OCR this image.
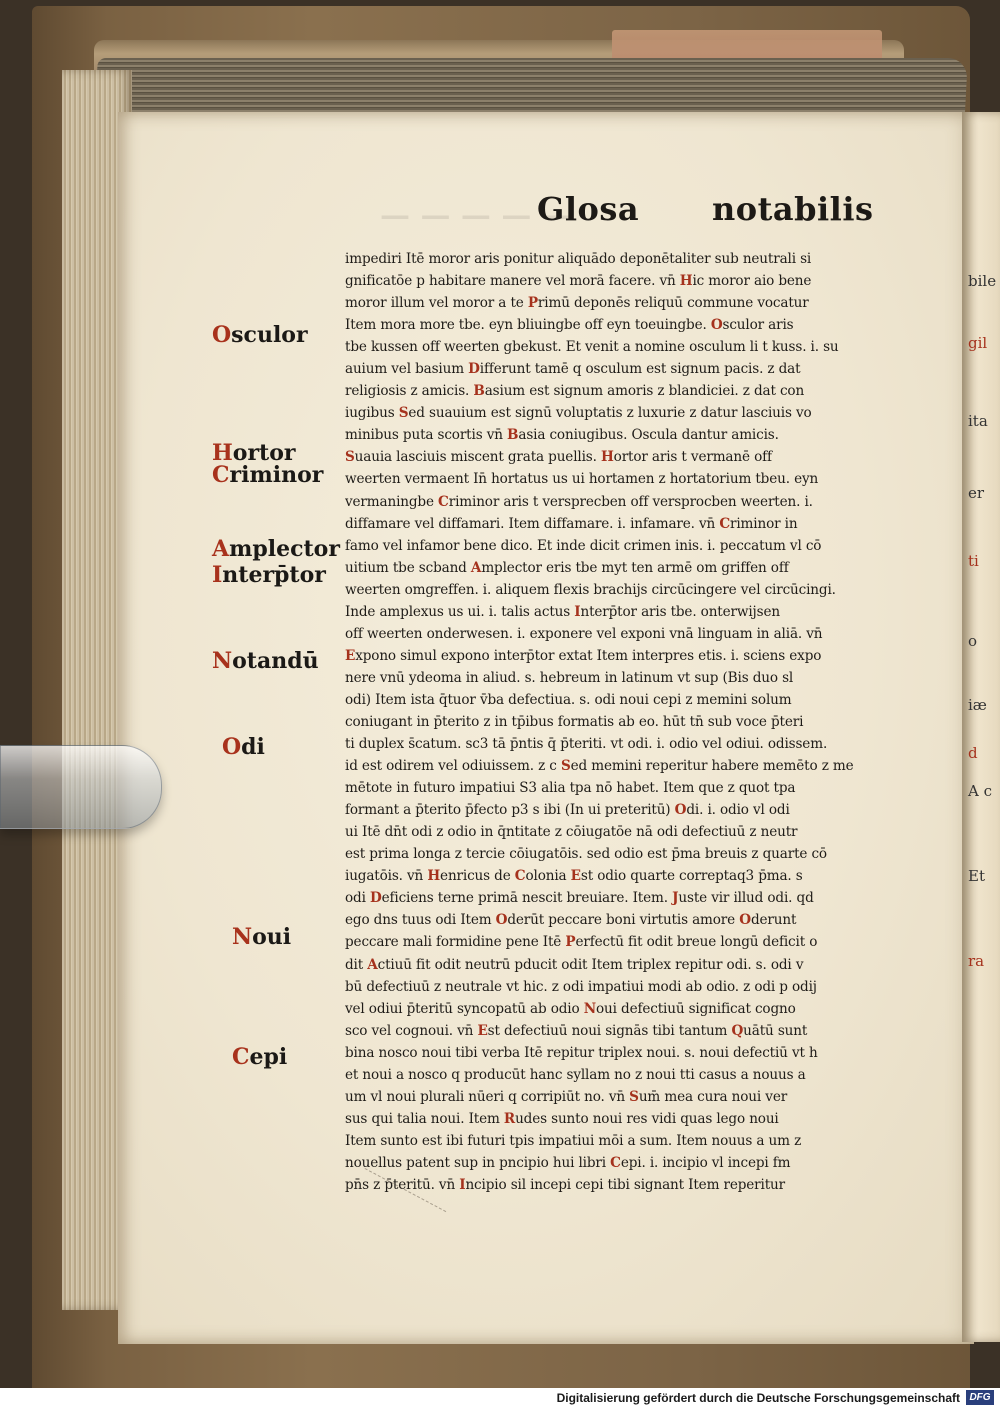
bile
gil
ita
er
ti
o
iæ
d
A c
Et
ra
— — — — —
Glosa notabilis
Osculor
Hortor
Criminor
Amplector
Interp̄tor
Notandū
Odi
Noui
Cepi
impediri Itē moror aris ponitur aliquādo deponētaliter sub neutrali si
gnificatōe p habitare manere vel morā facere. vn̄ Hic moror aio bene
moror illum vel moror a te Primū deponēs reliquū commune vocatur
Item mora more tbe. eyn bliuingbe off eyn toeuingbe. Osculor aris
tbe kussen off weerten gbekust. Et venit a nomine osculum li t kuss. i. su
auium vel basium Differunt tamē q osculum est signum pacis. z dat
religiosis z amicis. Basium est signum amoris z blandiciei. z dat con
iugibus Sed suauium est signū voluptatis z luxurie z datur lasciuis vo
minibus puta scortis vn̄ Basia coniugibus. Oscula dantur amicis.
Suauia lasciuis miscent grata puellis. Hortor aris t vermanē off
weerten vermaent In̄ hortatus us ui hortamen z hortatorium tbeu. eyn
vermaningbe Criminor aris t versprecben off versprocben weerten. i.
diffamare vel diffamari. Item diffamare. i. infamare. vn̄ Criminor in
famo vel infamor bene dico. Et inde dicit crimen inis. i. peccatum vl cō
uitium tbe scband Amplector eris tbe myt ten armē om griffen off
weerten omgreffen. i. aliquem flexis brachijs circūcingere vel circūcingi.
Inde amplexus us ui. i. talis actus Interp̄tor aris tbe. onterwijsen
off weerten onderwesen. i. exponere vel exponi vnā linguam in aliā. vn̄
Expono simul expono interp̄tor extat Item interpres etis. i. sciens expo
nere vnū ydeoma in aliud. s. hebreum in latinum vt sup (Bis duo sl
odi) Item ista q̄tuor v̄ba defectiua. s. odi noui cepi z memini solum
coniugant in p̄terito z in tp̄ibus formatis ab eo. hūt tn̄ sub voce p̄teri
ti duplex s̄catum. sc3 tā p̄ntis q̄ p̄teriti. vt odi. i. odio vel odiui. odissem.
id est odirem vel odiuissem. z c Sed memini reperitur habere memēto z me
mētote in futuro impatiui S3 alia tpa nō habet. Item que z quot tpa
formant a p̄terito p̄fecto p3 s ibi (In ui preteritū) Odi. i. odio vl odi
ui Itē dn̄t odi z odio in q̄ntitate z cōiugatōe nā odi defectiuū z neutr
est prima longa z tercie cōiugatōis. sed odio est p̄ma breuis z quarte cō
iugatōis. vn̄ Henricus de Colonia Est odio quarte correptaq3 p̄ma. s
odi Deficiens terne primā nescit breuiare. Item. Juste vir illud odi. qd
ego dns tuus odi Item Oderūt peccare boni virtutis amore Oderunt
peccare mali formidine pene Itē Perfectū fit odit breue longū deficit o
dit Actiuū fit odit neutrū pducit odit Item triplex repitur odi. s. odi v
bū defectiuū z neutrale vt hic. z odi impatiui modi ab odio. z odi p odij
vel odiui p̄teritū syncopatū ab odio Noui defectiuū significat cogno
sco vel cognoui. vn̄ Est defectiuū noui signās tibi tantum Quātū sunt
bina nosco noui tibi verba Itē repitur triplex noui. s. noui defectiū vt h
et noui a nosco q producūt hanc syllam no z noui tti casus a nouus a
um vl noui plurali nūeri q corripiūt no. vn̄ Sum̄ mea cura noui ver
sus qui talia noui. Item Rudes sunto noui res vidi quas lego noui
Item sunto est ibi futuri tpis impatiui mōi a sum. Item nouus a um z
nouellus patent sup in pncipio hui libri Cepi. i. incipio vl incepi fm
pn̄s z p̄teritū. vn̄ Incipio sil incepi cepi tibi signant Item reperitur
Digitalisierung gefördert durch die Deutsche Forschungsgemeinschaft DFG
